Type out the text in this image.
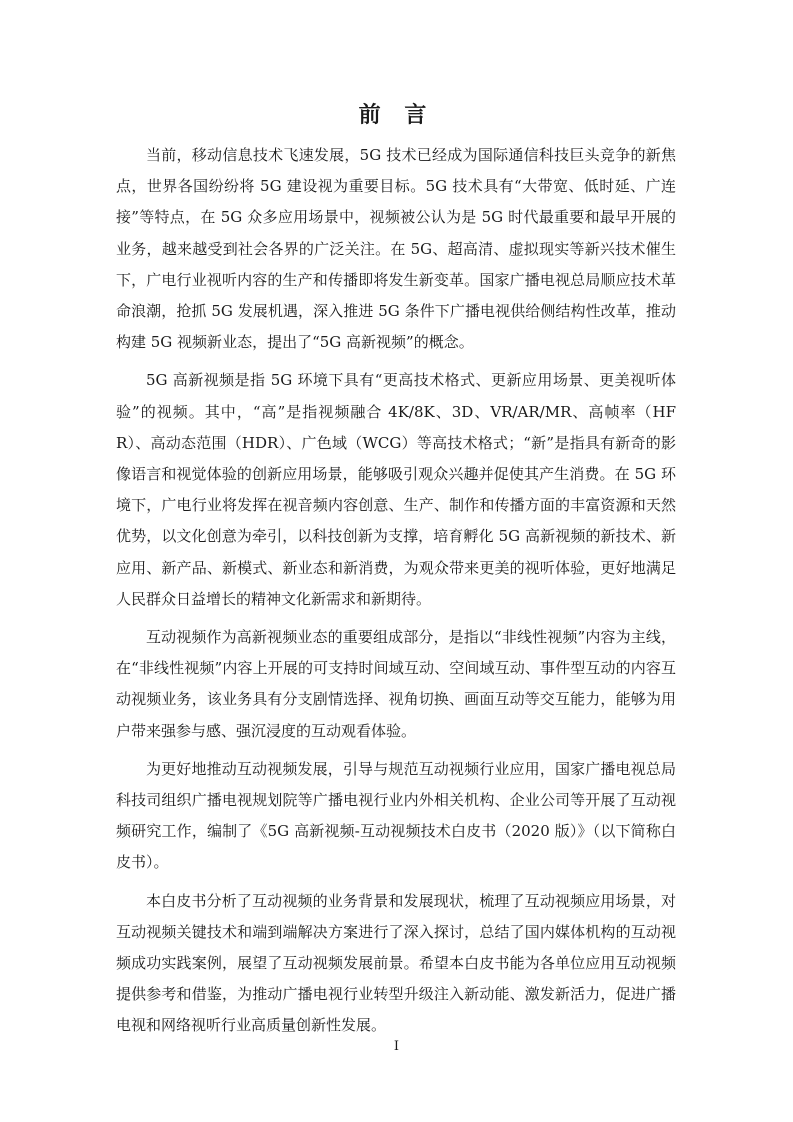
前 言

当前，移动信息技术飞速发展，5G 技术已经成为国际通信科技巨头竞争的新焦点，世界各国纷纷将 5G 建设视为重要目标。5G 技术具有“大带宽、低时延、广连接”等特点，在 5G 众多应用场景中，视频被公认为是 5G 时代最重要和最早开展的业务，越来越受到社会各界的广泛关注。在 5G、超高清、虚拟现实等新兴技术催生下，广电行业视听内容的生产和传播即将发生新变革。国家广播电视总局顺应技术革命浪潮，抢抓 5G 发展机遇，深入推进 5G 条件下广播电视供给侧结构性改革，推动构建 5G 视频新业态，提出了“5G 高新视频”的概念。

5G 高新视频是指 5G 环境下具有“更高技术格式、更新应用场景、更美视听体验”的视频。其中，“高”是指视频融合 4K/8K、3D、VR/AR/MR、高帧率（HFR）、高动态范围（HDR）、广色域（WCG）等高技术格式；“新”是指具有新奇的影像语言和视觉体验的创新应用场景，能够吸引观众兴趣并促使其产生消费。在 5G 环境下，广电行业将发挥在视音频内容创意、生产、制作和传播方面的丰富资源和天然优势，以文化创意为牵引，以科技创新为支撑，培育孵化 5G 高新视频的新技术、新应用、新产品、新模式、新业态和新消费，为观众带来更美的视听体验，更好地满足人民群众日益增长的精神文化新需求和新期待。

互动视频作为高新视频业态的重要组成部分，是指以“非线性视频”内容为主线，在“非线性视频”内容上开展的可支持时间域互动、空间域互动、事件型互动的内容互动视频业务，该业务具有分支剧情选择、视角切换、画面互动等交互能力，能够为用户带来强参与感、强沉浸度的互动观看体验。

为更好地推动互动视频发展，引导与规范互动视频行业应用，国家广播电视总局科技司组织广播电视规划院等广播电视行业内外相关机构、企业公司等开展了互动视频研究工作，编制了《5G 高新视频-互动视频技术白皮书（2020 版）》（以下简称白皮书）。

本白皮书分析了互动视频的业务背景和发展现状，梳理了互动视频应用场景，对互动视频关键技术和端到端解决方案进行了深入探讨，总结了国内媒体机构的互动视频成功实践案例，展望了互动视频发展前景。希望本白皮书能为各单位应用互动视频提供参考和借鉴，为推动广播电视行业转型升级注入新动能、激发新活力，促进广播电视和网络视听行业高质量创新性发展。

I
